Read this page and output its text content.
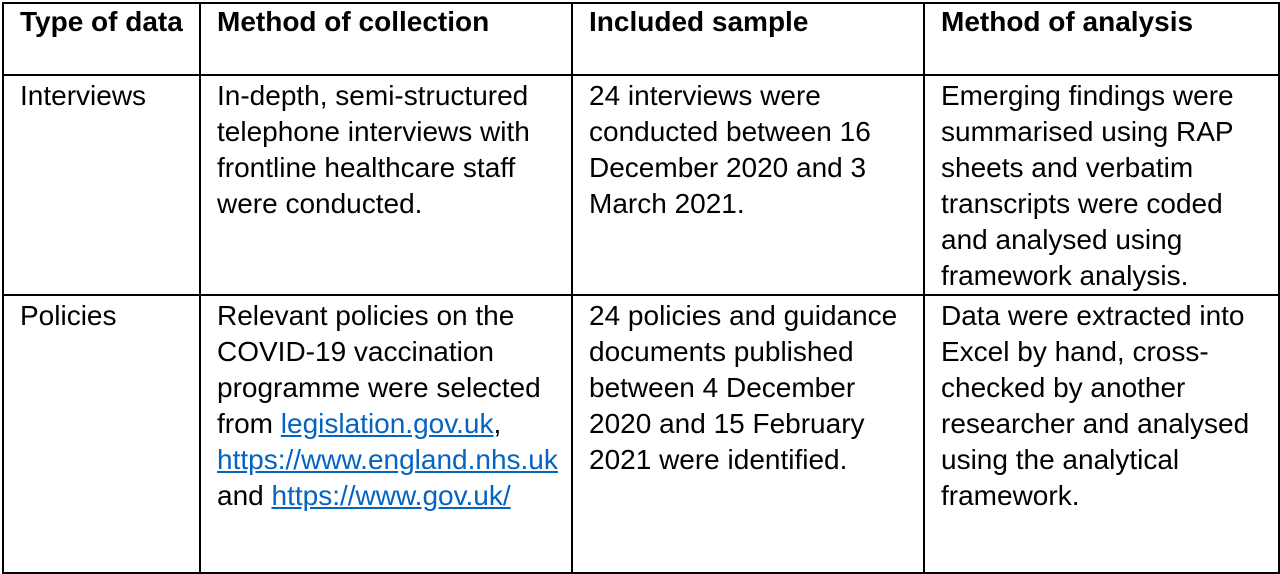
Type of data	Method of collection	Included sample	Method of analysis
Interviews	In-depth, semi-structured telephone interviews with frontline healthcare staff were conducted.	24 interviews were conducted between 16 December 2020 and 3 March 2021.	Emerging findings were summarised using RAP sheets and verbatim transcripts were coded and analysed using framework analysis.
Policies	Relevant policies on the COVID-19 vaccination programme were selected from legislation.gov.uk, https://www.england.nhs.uk and https://www.gov.uk/	24 policies and guidance documents published between 4 December 2020 and 15 February 2021 were identified.	Data were extracted into Excel by hand, cross-checked by another researcher and analysed using the analytical framework.
